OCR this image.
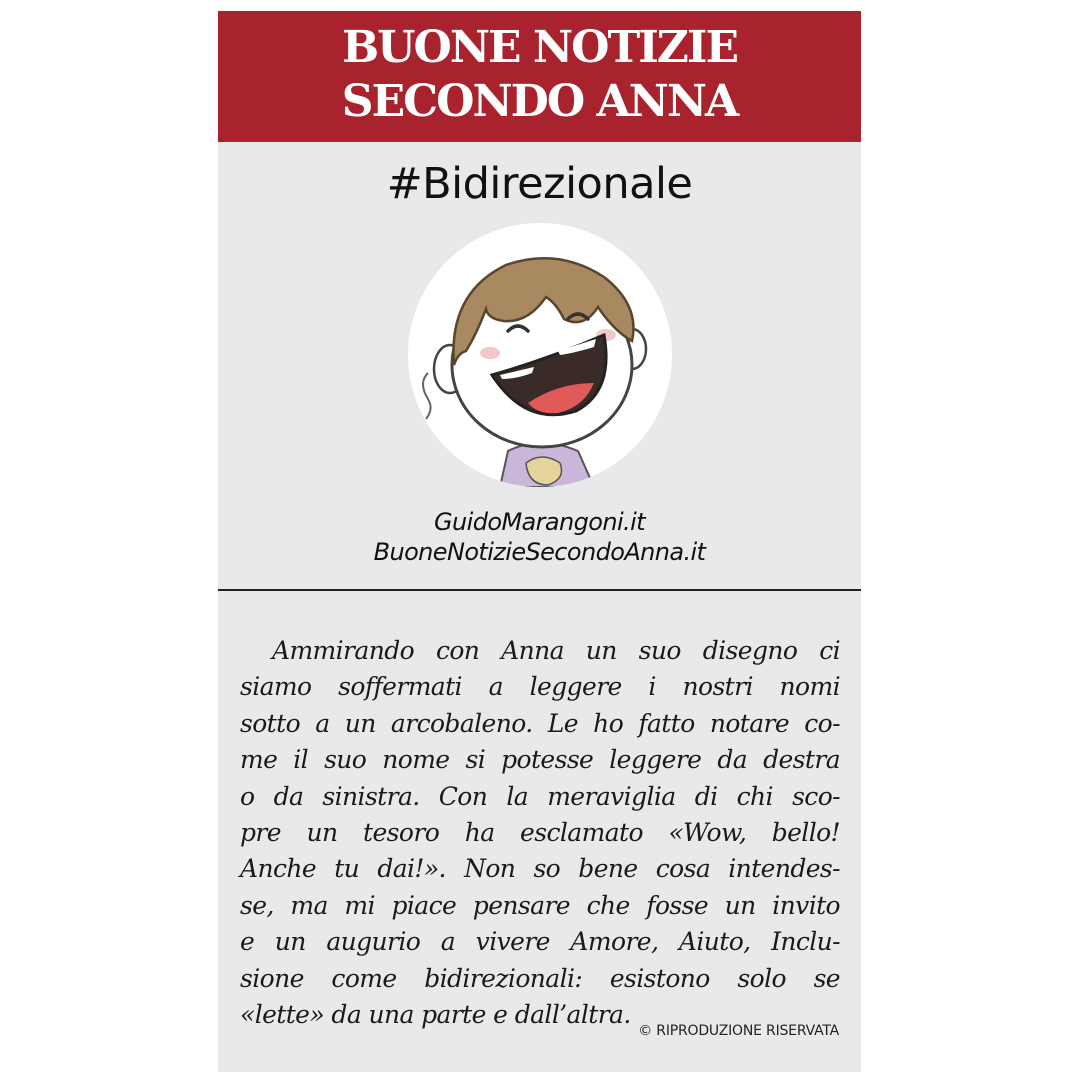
BUONE NOTIZIE
SECONDO ANNA
#Bidirezionale
GuidoMarangoni.it
BuoneNotizieSecondoAnna.it
Ammirando con Anna un suo disegno ci
siamo soffermati a leggere i nostri nomi
sotto a un arcobaleno. Le ho fatto notare co-
me il suo nome si potesse leggere da destra
o da sinistra. Con la meraviglia di chi sco-
pre un tesoro ha esclamato «Wow, bello!
Anche tu dai!». Non so bene cosa intendes-
se, ma mi piace pensare che fosse un invito
e un augurio a vivere Amore, Aiuto, Inclu-
sione come bidirezionali: esistono solo se
«lette» da una parte e dall’altra.
© RIPRODUZIONE RISERVATA
